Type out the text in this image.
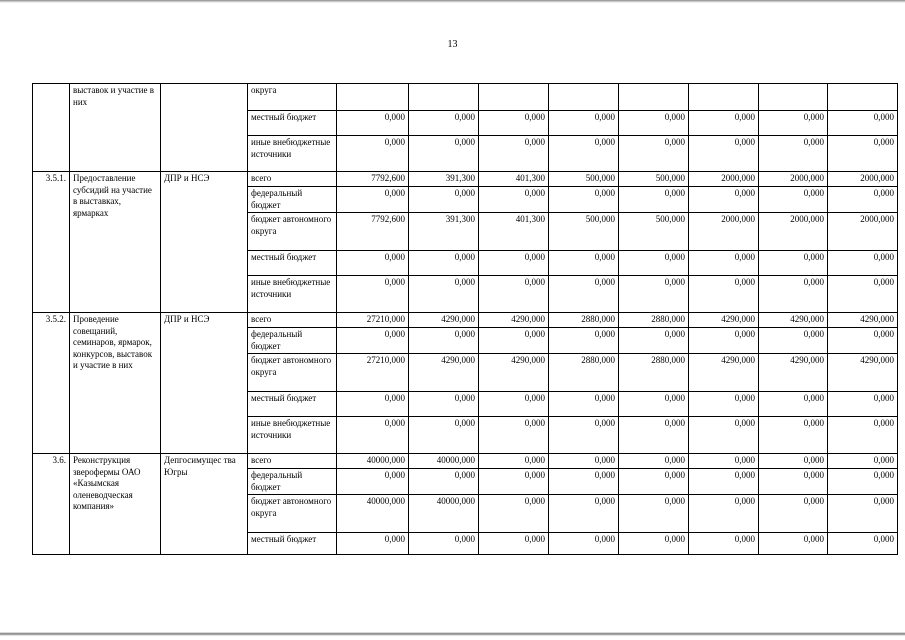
13
	выставок и участие в них		округа								
			местный бюджет	0,000	0,000	0,000	0,000	0,000	0,000	0,000	0,000
			иные внебюджетные источники	0,000	0,000	0,000	0,000	0,000	0,000	0,000	0,000
3.5.1.	Предоставление субсидий на участие в выставках, ярмарках	ДПР и НСЭ	всего	7792,600	391,300	401,300	500,000	500,000	2000,000	2000,000	2000,000
			федеральный бюджет	0,000	0,000	0,000	0,000	0,000	0,000	0,000	0,000
			бюджет автономного округа	7792,600	391,300	401,300	500,000	500,000	2000,000	2000,000	2000,000
			местный бюджет	0,000	0,000	0,000	0,000	0,000	0,000	0,000	0,000
			иные внебюджетные источники	0,000	0,000	0,000	0,000	0,000	0,000	0,000	0,000
3.5.2.	Проведение совещаний, семинаров, ярмарок, конкурсов, выставок и участие в них	ДПР и НСЭ	всего	27210,000	4290,000	4290,000	2880,000	2880,000	4290,000	4290,000	4290,000
			федеральный бюджет	0,000	0,000	0,000	0,000	0,000	0,000	0,000	0,000
			бюджет автономного округа	27210,000	4290,000	4290,000	2880,000	2880,000	4290,000	4290,000	4290,000
			местный бюджет	0,000	0,000	0,000	0,000	0,000	0,000	0,000	0,000
			иные внебюджетные источники	0,000	0,000	0,000	0,000	0,000	0,000	0,000	0,000
3.6.	Реконструкция зверофермы ОАО «Казымская оленеводческая компания»	Депгосимущес тва Югры	всего	40000,000	40000,000	0,000	0,000	0,000	0,000	0,000	0,000
			федеральный бюджет	0,000	0,000	0,000	0,000	0,000	0,000	0,000	0,000
			бюджет автономного округа	40000,000	40000,000	0,000	0,000	0,000	0,000	0,000	0,000
			местный бюджет	0,000	0,000	0,000	0,000	0,000	0,000	0,000	0,000
